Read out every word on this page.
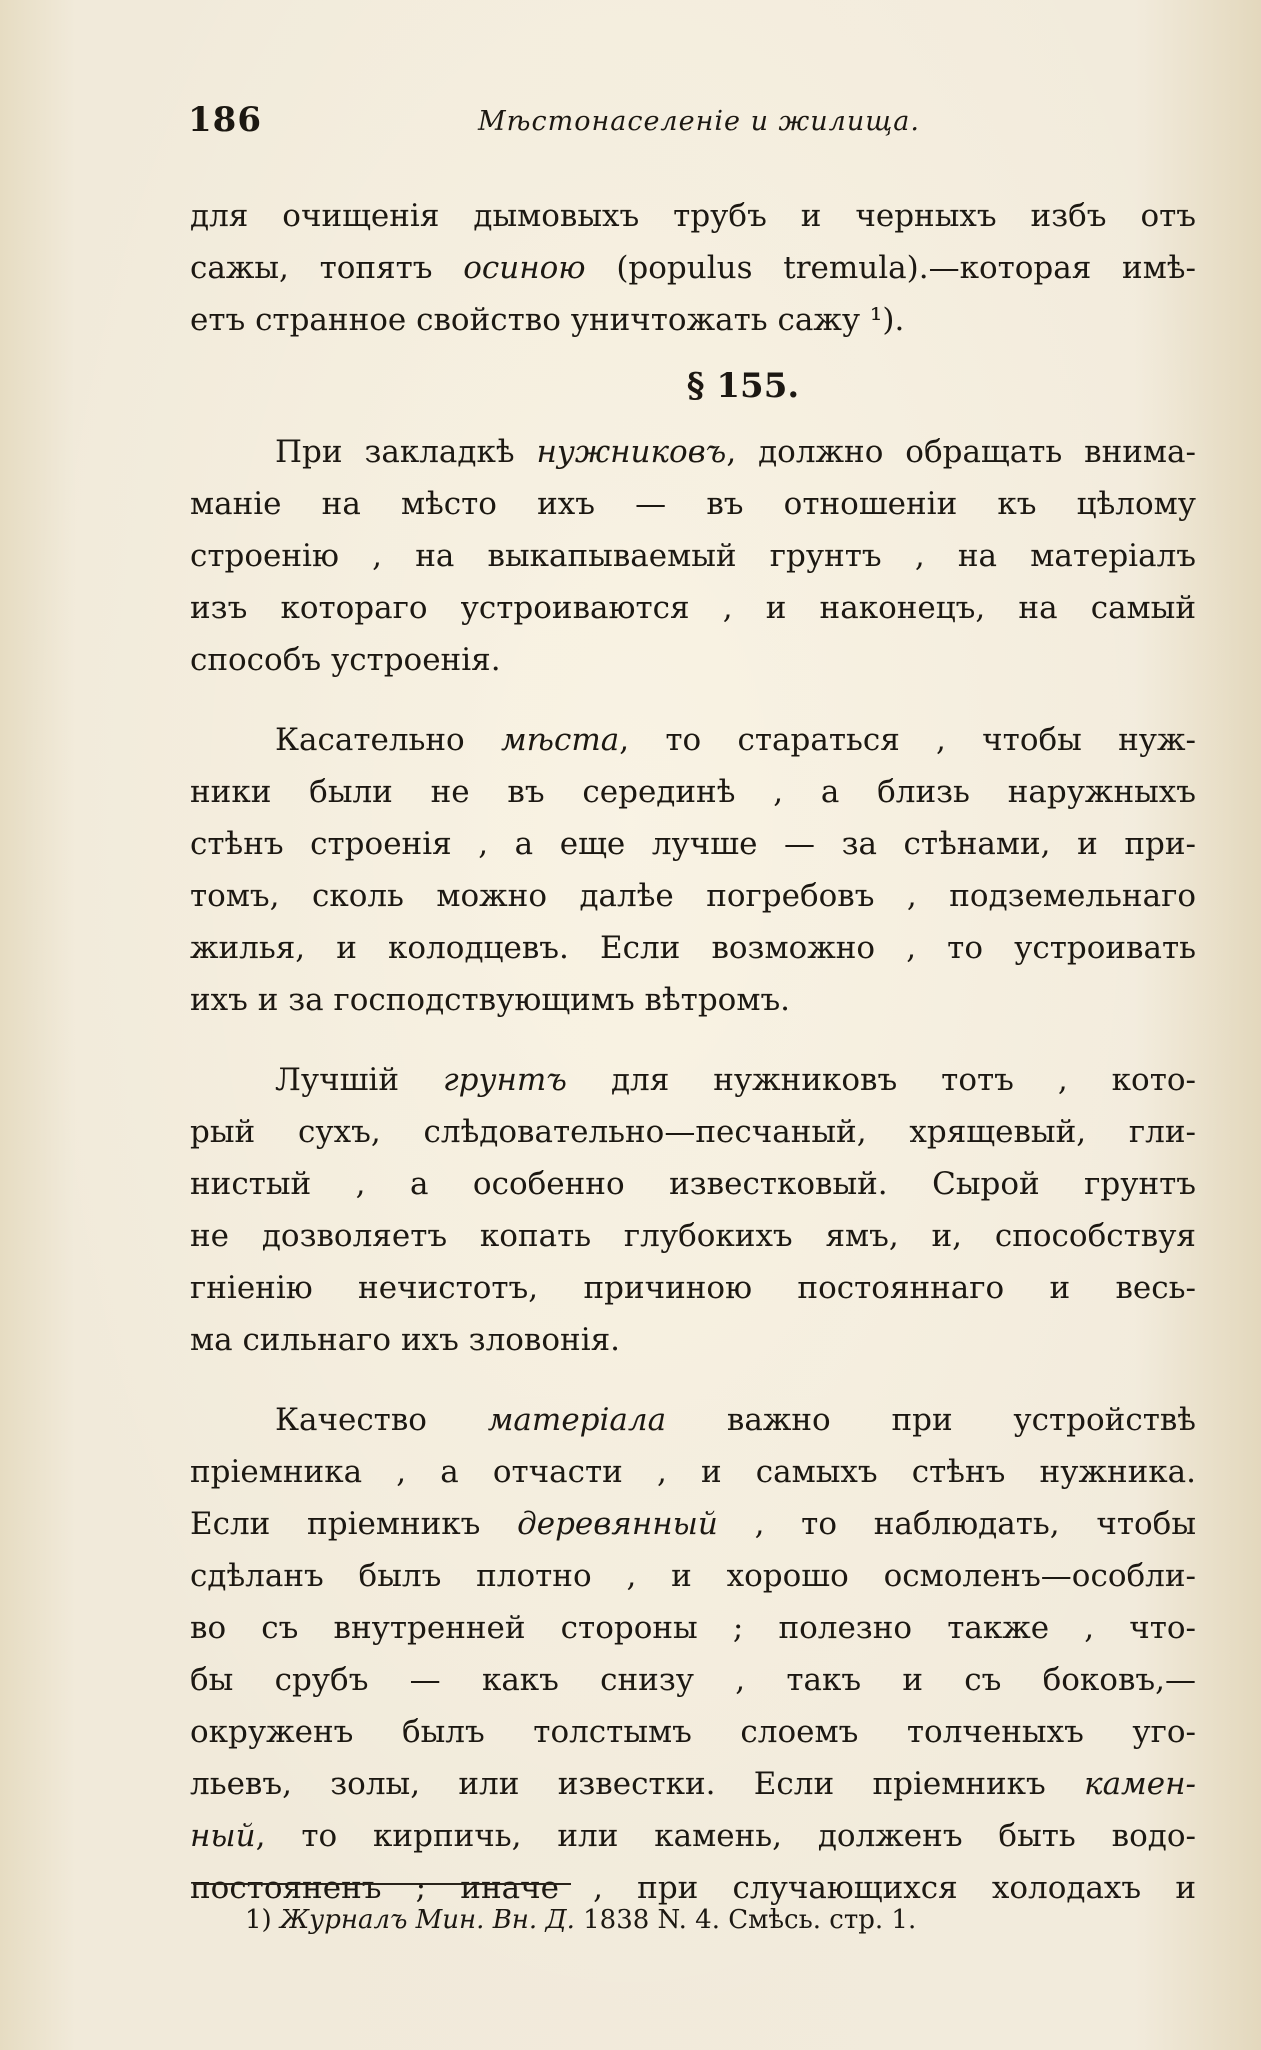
186	Мѣстонаселеніе и жилища.
для очищенія дымовыхъ трубъ и черныхъ избъ отъ
сажы, топятъ осиною (populus tremula).—которая имѣ-
етъ странное свойство уничтожать сажу ¹).
§ 155.
При закладкѣ нужниковъ, должно обращать внима-
маніе на мѣсто ихъ — въ отношеніи къ цѣлому
строенію , на выкапываемый грунтъ , на матеріалъ
изъ котораго устроиваются , и наконецъ, на самый
способъ устроенія.
Касательно мѣста, то стараться , чтобы нуж-
ники были не въ серединѣ , а близь наружныхъ
стѣнъ строенія , а еще лучше — за стѣнами, и при-
томъ, сколь можно далѣе погребовъ , подземельнаго
жилья, и колодцевъ. Если возможно , то устроивать
ихъ и за господствующимъ вѣтромъ.
Лучшій грунтъ для нужниковъ тотъ , кото-
рый сухъ, слѣдовательно—песчаный, хрящевый, гли-
нистый , а особенно известковый. Сырой грунтъ
не дозволяетъ копать глубокихъ ямъ, и, способствуя
гніенію нечистотъ, причиною постояннаго и весь-
ма сильнаго ихъ зловонія.
Качество матеріала важно при устройствѣ
пріемника , а отчасти , и самыхъ стѣнъ нужника.
Если пріемникъ деревянный , то наблюдать, чтобы
сдѣланъ былъ плотно , и хорошо осмоленъ—особли-
во съ внутренней стороны ; полезно также , что-
бы срубъ — какъ снизу , такъ и съ боковъ,—
окруженъ былъ толстымъ слоемъ толченыхъ уго-
льевъ, золы, или известки. Если пріемникъ камен-
ный, то кирпичь, или камень, долженъ быть водо-
постояненъ ; иначе , при случающихся холодахъ и
1) Журналъ Мин. Вн. Д. 1838 N. 4. Смѣсь. стр. 1.
